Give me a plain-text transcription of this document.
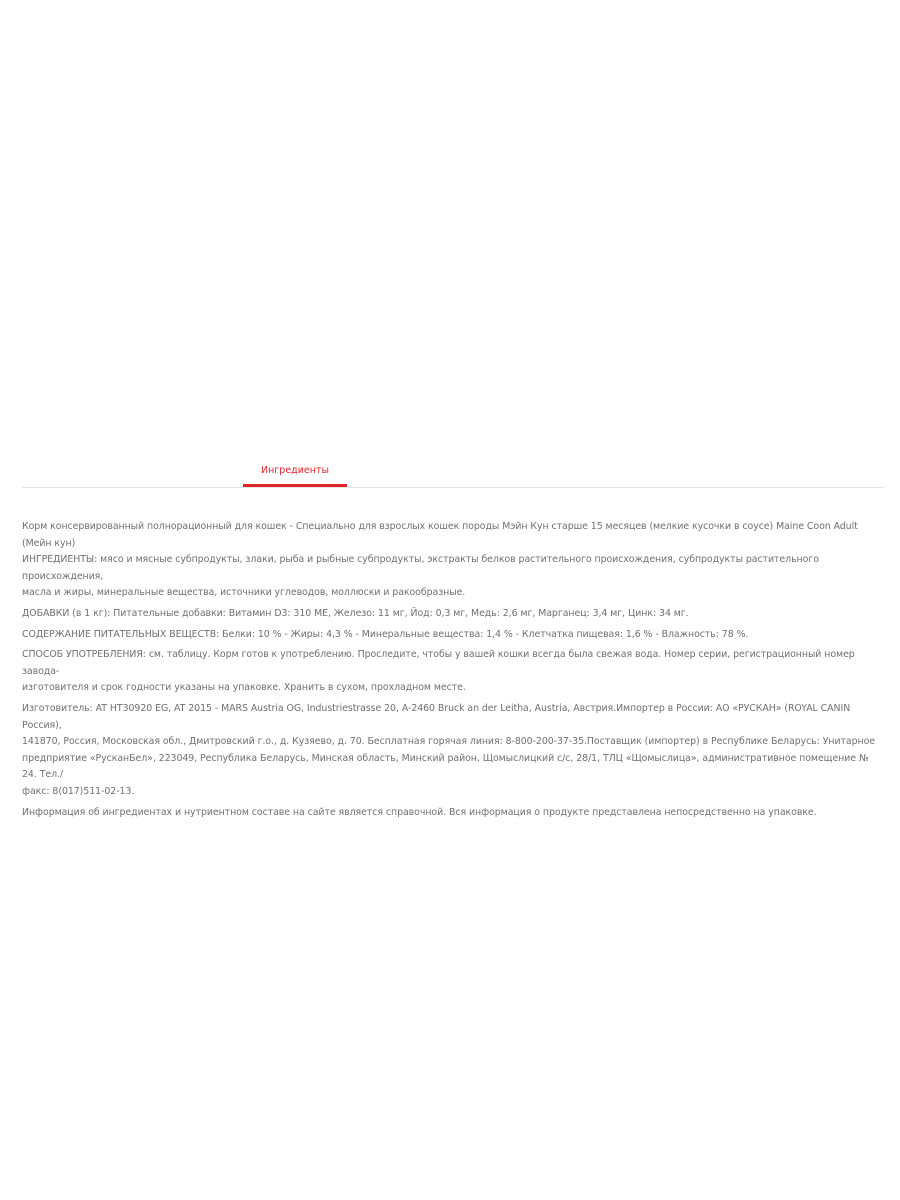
Ингредиенты

Корм консервированный полнорационный для кошек - Специально для взрослых кошек породы Мэйн Кун старше 15 месяцев (мелкие кусочки в соусе) Maine Coon Adult (Мейн кун)
ИНГРЕДИЕНТЫ: мясо и мясные субпродукты, злаки, рыба и рыбные субпродукты, экстракты белков растительного происхождения, субпродукты растительного происхождения,
масла и жиры, минеральные вещества, источники углеводов, моллюски и ракообразные.

ДОБАВКИ (в 1 кг): Питательные добавки: Витамин D3: 310 МЕ, Железо: 11 мг, Йод: 0,3 мг, Медь: 2,6 мг, Марганец: 3,4 мг, Цинк: 34 мг.

СОДЕРЖАНИЕ ПИТАТЕЛЬНЫХ ВЕЩЕСТВ: Белки: 10 % - Жиры: 4,3 % - Минеральные вещества: 1,4 % - Клетчатка пищевая: 1,6 % - Влажность: 78 %.

СПОСОБ УПОТРЕБЛЕНИЯ: см. таблицу. Корм готов к употреблению. Проследите, чтобы у вашей кошки всегда была свежая вода. Номер серии, регистрационный номер завода-
изготовителя и срок годности указаны на упаковке. Хранить в сухом, прохладном месте.

Изготовитель: AT HT30920 EG, AT 2015 - MARS Austria OG, Industriestrasse 20, A-2460 Bruck an der Leitha, Austria, Австрия.Импортер в России: АО «РУСКАН» (ROYAL CANIN Россия),
141870, Россия, Московская обл., Дмитровский г.о., д. Кузяево, д. 70. Бесплатная горячая линия: 8-800-200-37-35.Поставщик (импортер) в Республике Беларусь: Унитарное
предприятие «РусканБел», 223049, Республика Беларусь, Минская область, Минский район, Щомыслицкий с/с, 28/1, ТЛЦ «Щомыслица», административное помещение № 24. Тел./
факс: 8(017)511-02-13.

Информация об ингредиентах и нутриентном составе на сайте является справочной. Вся информация о продукте представлена непосредственно на упаковке.
